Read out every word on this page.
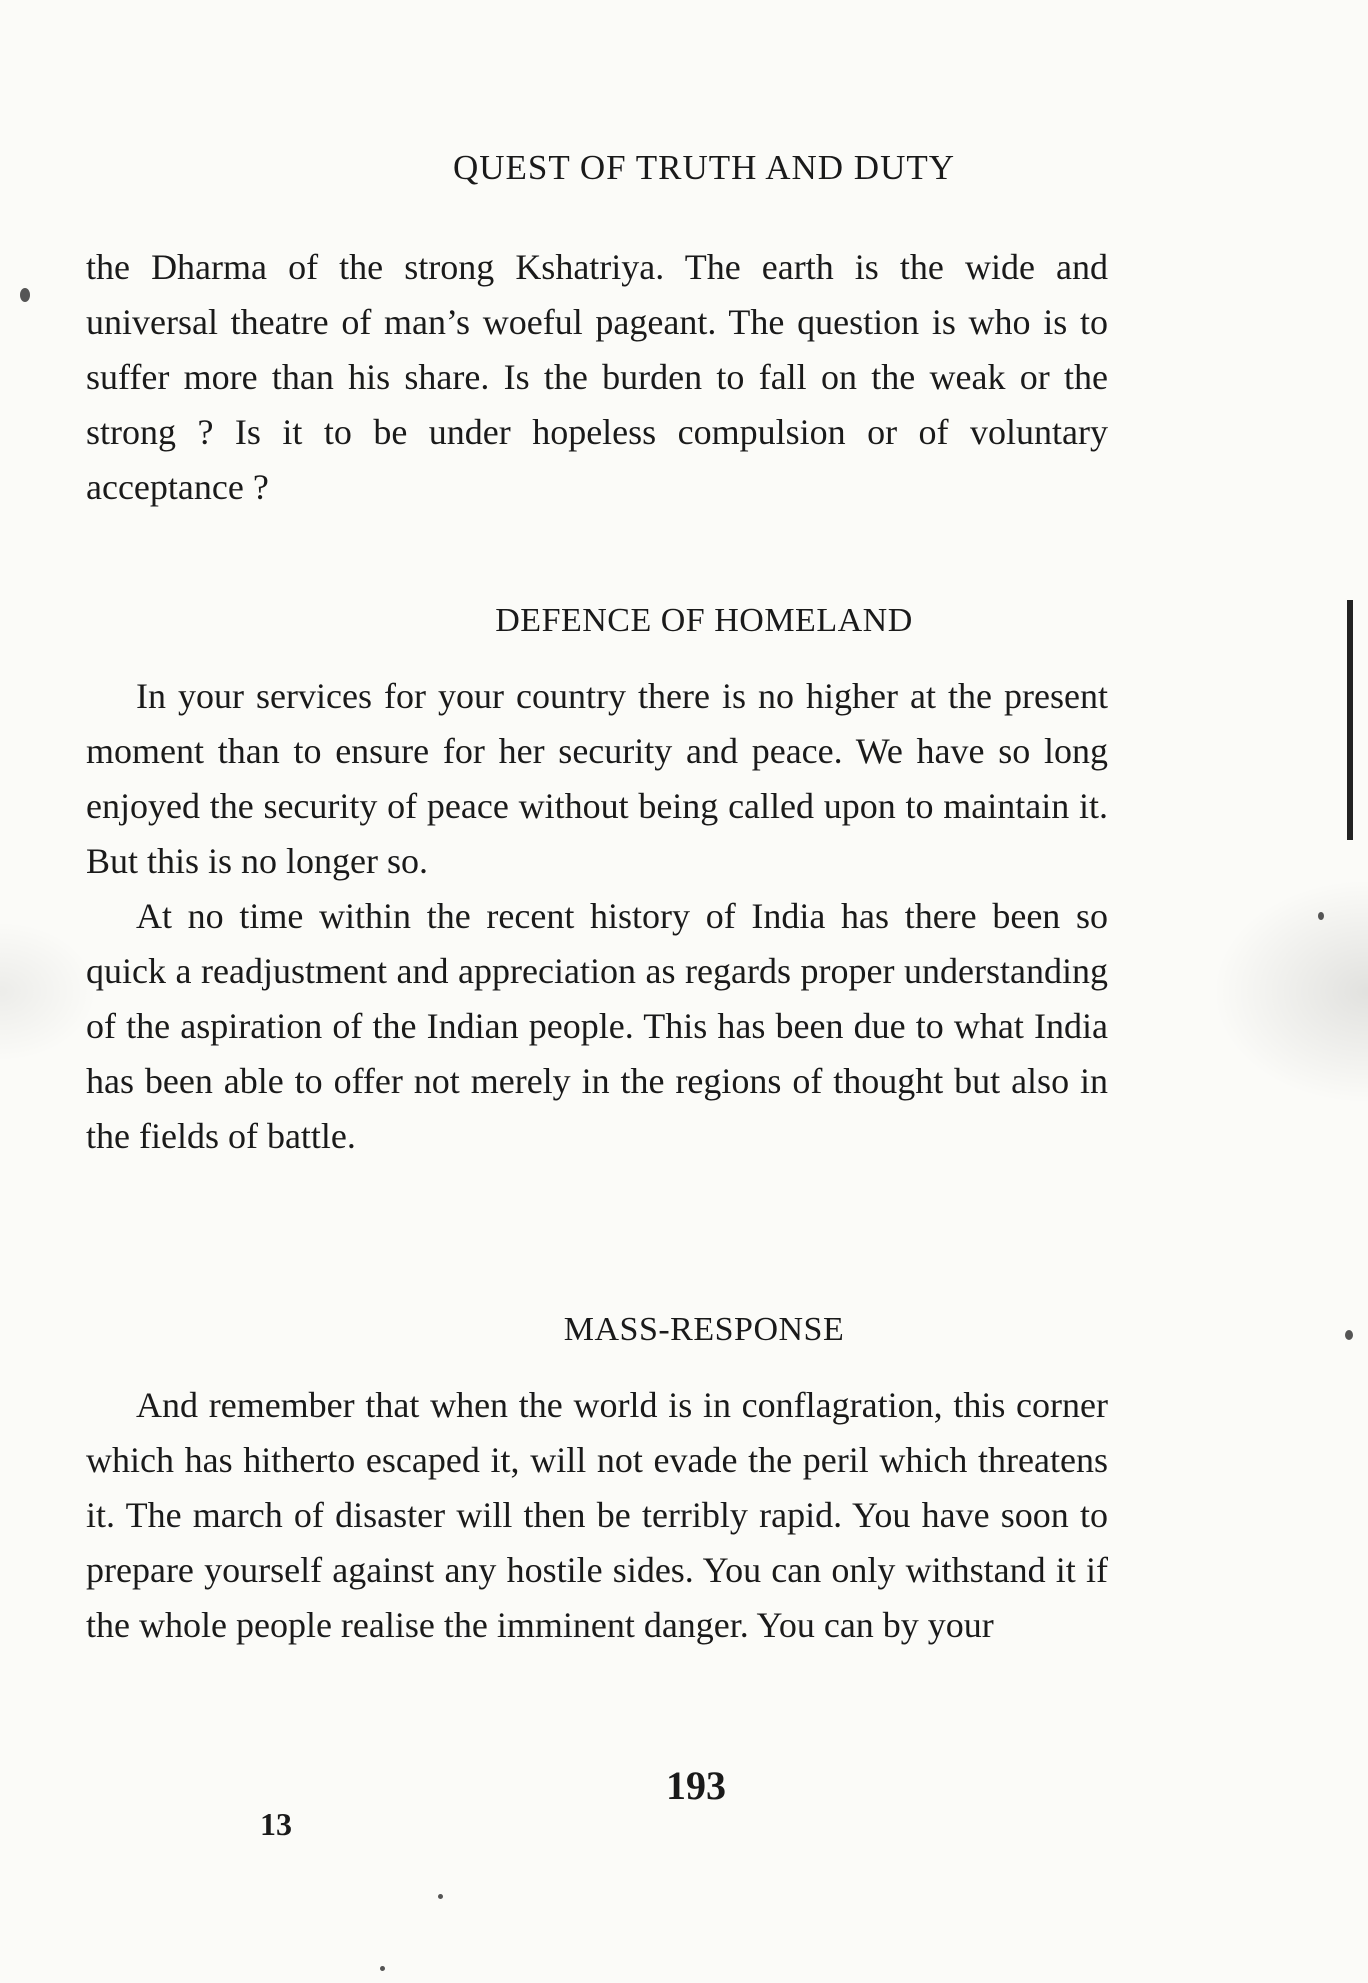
QUEST OF TRUTH AND DUTY

the Dharma of the strong Kshatriya. The earth is the wide and universal theatre of man’s woeful pageant. The question is who is to suffer more than his share. Is the burden to fall on the weak or the strong ? Is it to be under hopeless compulsion or of voluntary acceptance ?

DEFENCE OF HOMELAND

In your services for your country there is no higher at the present moment than to ensure for her security and peace. We have so long enjoyed the security of peace without being called upon to maintain it. But this is no longer so.

At no time within the recent history of India has there been so quick a readjustment and appreciation as regards proper understanding of the aspiration of the Indian people. This has been due to what India has been able to offer not merely in the regions of thought but also in the fields of battle.

MASS-RESPONSE

And remember that when the world is in conflagration, this corner which has hitherto escaped it, will not evade the peril which threatens it. The march of disaster will then be terribly rapid. You have soon to prepare yourself against any hostile sides. You can only withstand it if the whole people realise the imminent danger. You can by your

193
13
